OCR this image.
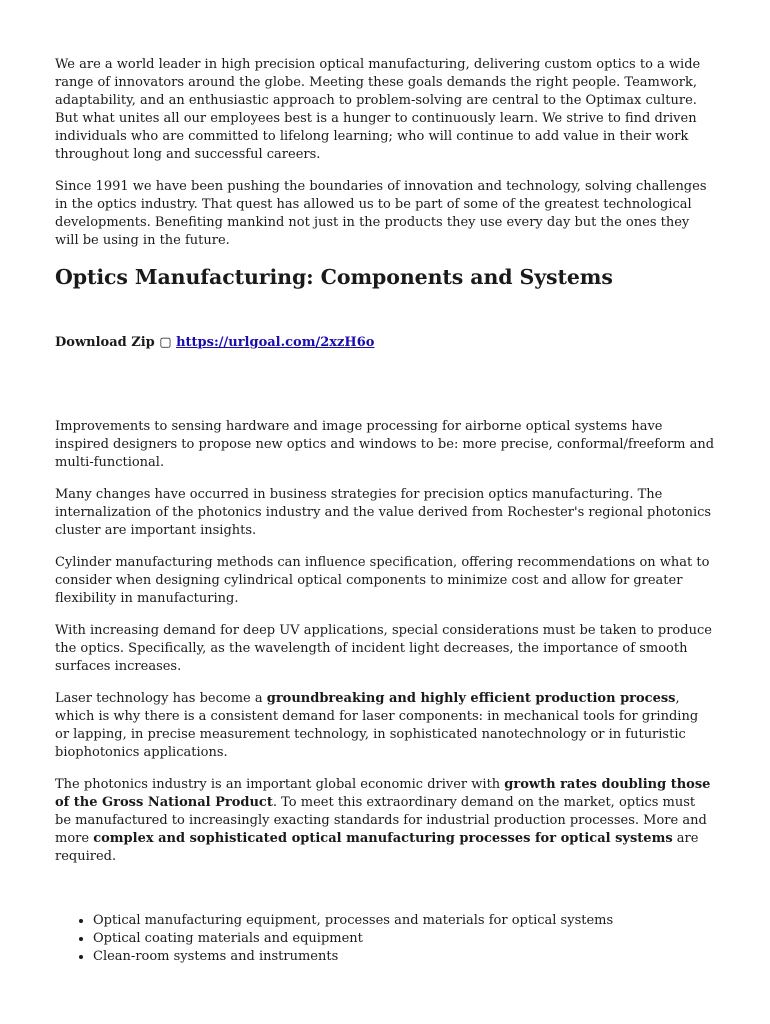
We are a world leader in high precision optical manufacturing, delivering custom optics to a wide range of innovators around the globe. Meeting these goals demands the right people. Teamwork, adaptability, and an enthusiastic approach to problem-solving are central to the Optimax culture. But what unites all our employees best is a hunger to continuously learn. We strive to find driven individuals who are committed to lifelong learning; who will continue to add value in their work throughout long and successful careers.

Since 1991 we have been pushing the boundaries of innovation and technology, solving challenges in the optics industry. That quest has allowed us to be part of some of the greatest technological developments. Benefiting mankind not just in the products they use every day but the ones they will be using in the future.

Optics Manufacturing: Components and Systems
Download Zip ▢ https://urlgoal.com/2xzH6o

Improvements to sensing hardware and image processing for airborne optical systems have inspired designers to propose new optics and windows to be: more precise, conformal/freeform and multi-functional.

Many changes have occurred in business strategies for precision optics manufacturing. The internalization of the photonics industry and the value derived from Rochester's regional photonics cluster are important insights.

Cylinder manufacturing methods can influence specification, offering recommendations on what to consider when designing cylindrical optical components to minimize cost and allow for greater flexibility in manufacturing.

With increasing demand for deep UV applications, special considerations must be taken to produce the optics. Specifically, as the wavelength of incident light decreases, the importance of smooth surfaces increases.

Laser technology has become a groundbreaking and highly efficient production process, which is why there is a consistent demand for laser components: in mechanical tools for grinding or lapping, in precise measurement technology, in sophisticated nanotechnology or in futuristic biophotonics applications.

The photonics industry is an important global economic driver with growth rates doubling those of the Gross National Product. To meet this extraordinary demand on the market, optics must be manufactured to increasingly exacting standards for industrial production processes. More and more complex and sophisticated optical manufacturing processes for optical systems are required.

• Optical manufacturing equipment, processes and materials for optical systems
• Optical coating materials and equipment
• Clean-room systems and instruments
